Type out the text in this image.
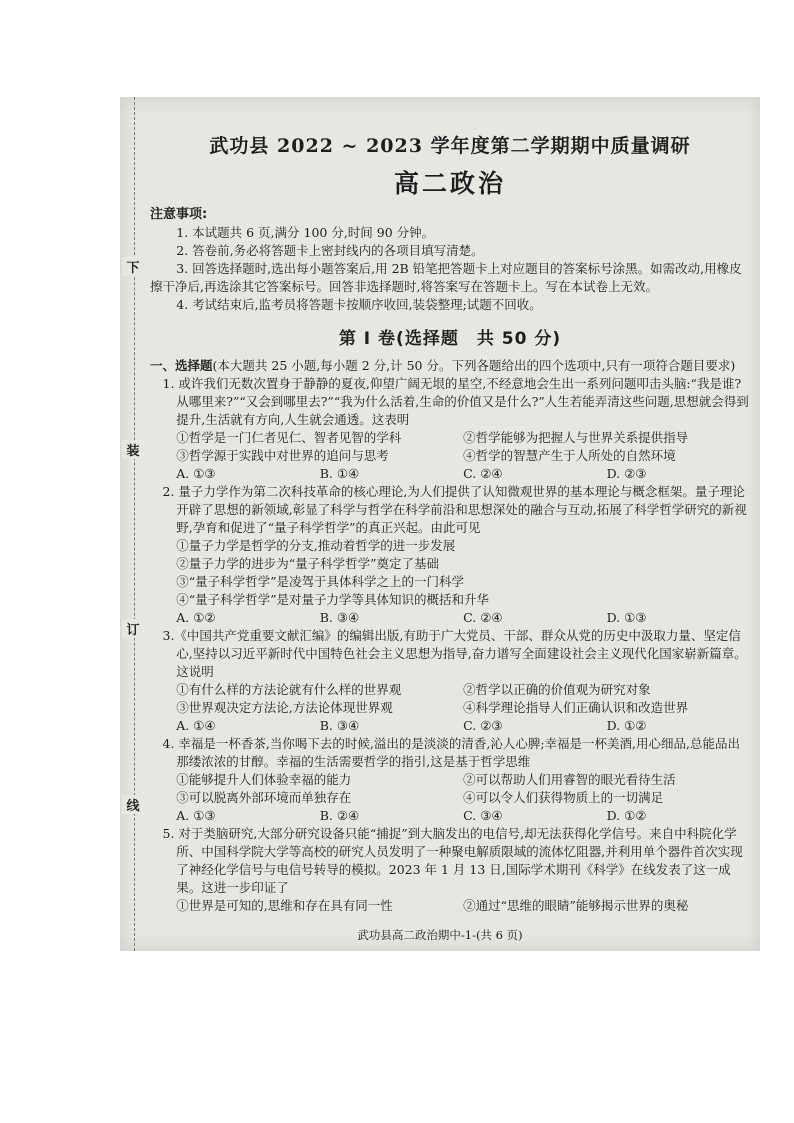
下
装
订
线
武功县 2022 ~ 2023 学年度第二学期期中质量调研
高二政治
注意事项:
1. 本试题共 6 页,满分 100 分,时间 90 分钟。
2. 答卷前,务必将答题卡上密封线内的各项目填写清楚。
3. 回答选择题时,选出每小题答案后,用 2B 铅笔把答题卡上对应题目的答案标号涂黑。如需改动,用橡皮擦干净后,再选涂其它答案标号。回答非选择题时,将答案写在答题卡上。写在本试卷上无效。
4. 考试结束后,监考员将答题卡按顺序收回,装袋整理;试题不回收。
第 Ⅰ 卷(选择题　共 50 分)
一、选择题(本大题共 25 小题,每小题 2 分,计 50 分。下列各题给出的四个选项中,只有一项符合题目要求)
1. 或许我们无数次置身于静静的夏夜,仰望广阔无垠的星空,不经意地会生出一系列问题叩击头脑:“我是谁?从哪里来?”“又会到哪里去?”“我为什么活着,生命的价值又是什么?”人生若能弄清这些问题,思想就会得到提升,生活就有方向,人生就会通透。这表明
①哲学是一门仁者见仁、智者见智的学科	②哲学能够为把握人与世界关系提供指导
③哲学源于实践中对世界的追问与思考	④哲学的智慧产生于人所处的自然环境
A. ①③	B. ①④	C. ②④	D. ②③
2. 量子力学作为第二次科技革命的核心理论,为人们提供了认知微观世界的基本理论与概念框架。量子理论开辟了思想的新领域,彰显了科学与哲学在科学前沿和思想深处的融合与互动,拓展了科学哲学研究的新视野,孕育和促进了“量子科学哲学”的真正兴起。由此可见
①量子力学是哲学的分支,推动着哲学的进一步发展
②量子力学的进步为“量子科学哲学”奠定了基础
③“量子科学哲学”是凌驾于具体科学之上的一门科学
④“量子科学哲学”是对量子力学等具体知识的概括和升华
A. ①②	B. ③④	C. ②④	D. ①③
3.《中国共产党重要文献汇编》的编辑出版,有助于广大党员、干部、群众从党的历史中汲取力量、坚定信心,坚持以习近平新时代中国特色社会主义思想为指导,奋力谱写全面建设社会主义现代化国家崭新篇章。这说明
①有什么样的方法论就有什么样的世界观	②哲学以正确的价值观为研究对象
③世界观决定方法论,方法论体现世界观	④科学理论指导人们正确认识和改造世界
A. ①④	B. ③④	C. ②③	D. ①②
4. 幸福是一杯香茶,当你喝下去的时候,溢出的是淡淡的清香,沁人心脾;幸福是一杯美酒,用心细品,总能品出那缕浓浓的甘醇。幸福的生活需要哲学的指引,这是基于哲学思维
①能够提升人们体验幸福的能力	②可以帮助人们用睿智的眼光看待生活
③可以脱离外部环境而单独存在	④可以令人们获得物质上的一切满足
A. ①③	B. ②④	C. ③④	D. ①②
5. 对于类脑研究,大部分研究设备只能“捕捉”到大脑发出的电信号,却无法获得化学信号。来自中科院化学所、中国科学院大学等高校的研究人员发明了一种聚电解质限域的流体忆阻器,并利用单个器件首次实现了神经化学信号与电信号转导的模拟。2023 年 1 月 13 日,国际学术期刊《科学》在线发表了这一成果。这进一步印证了
①世界是可知的,思维和存在具有同一性	②通过“思维的眼睛”能够揭示世界的奥秘
武功县高二政治期中-1-(共 6 页)
